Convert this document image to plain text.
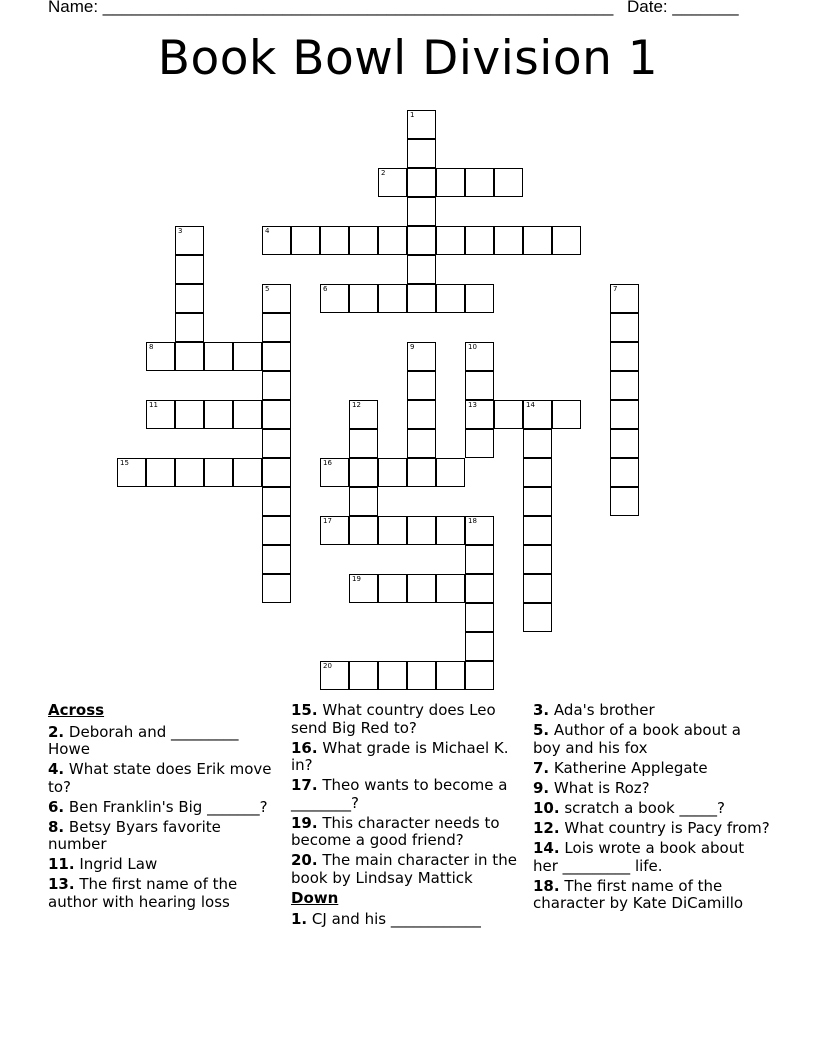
Name: ______________________________________________________ Date: _______
Book Bowl Division 1
1
2
3	4
5	6	7
8	9	10
13
11	12	14
15	16
17	18
19
20
Across
2. Deborah and _________ Howe
4. What state does Erik move to?
6. Ben Franklin's Big _______?
8. Betsy Byars favorite number
11. Ingrid Law
13. The first name of the author with hearing loss
15. What country does Leo send Big Red to?
16. What grade is Michael K. in?
17. Theo wants to become a ________?
19. This character needs to become a good friend?
20. The main character in the book by Lindsay Mattick
Down
1. CJ and his ____________
3. Ada's brother
5. Author of a book about a boy and his fox
7. Katherine Applegate
9. What is Roz?
10. scratch a book _____?
12. What country is Pacy from?
14. Lois wrote a book about her _________ life.
18. The first name of the character by Kate DiCamillo
